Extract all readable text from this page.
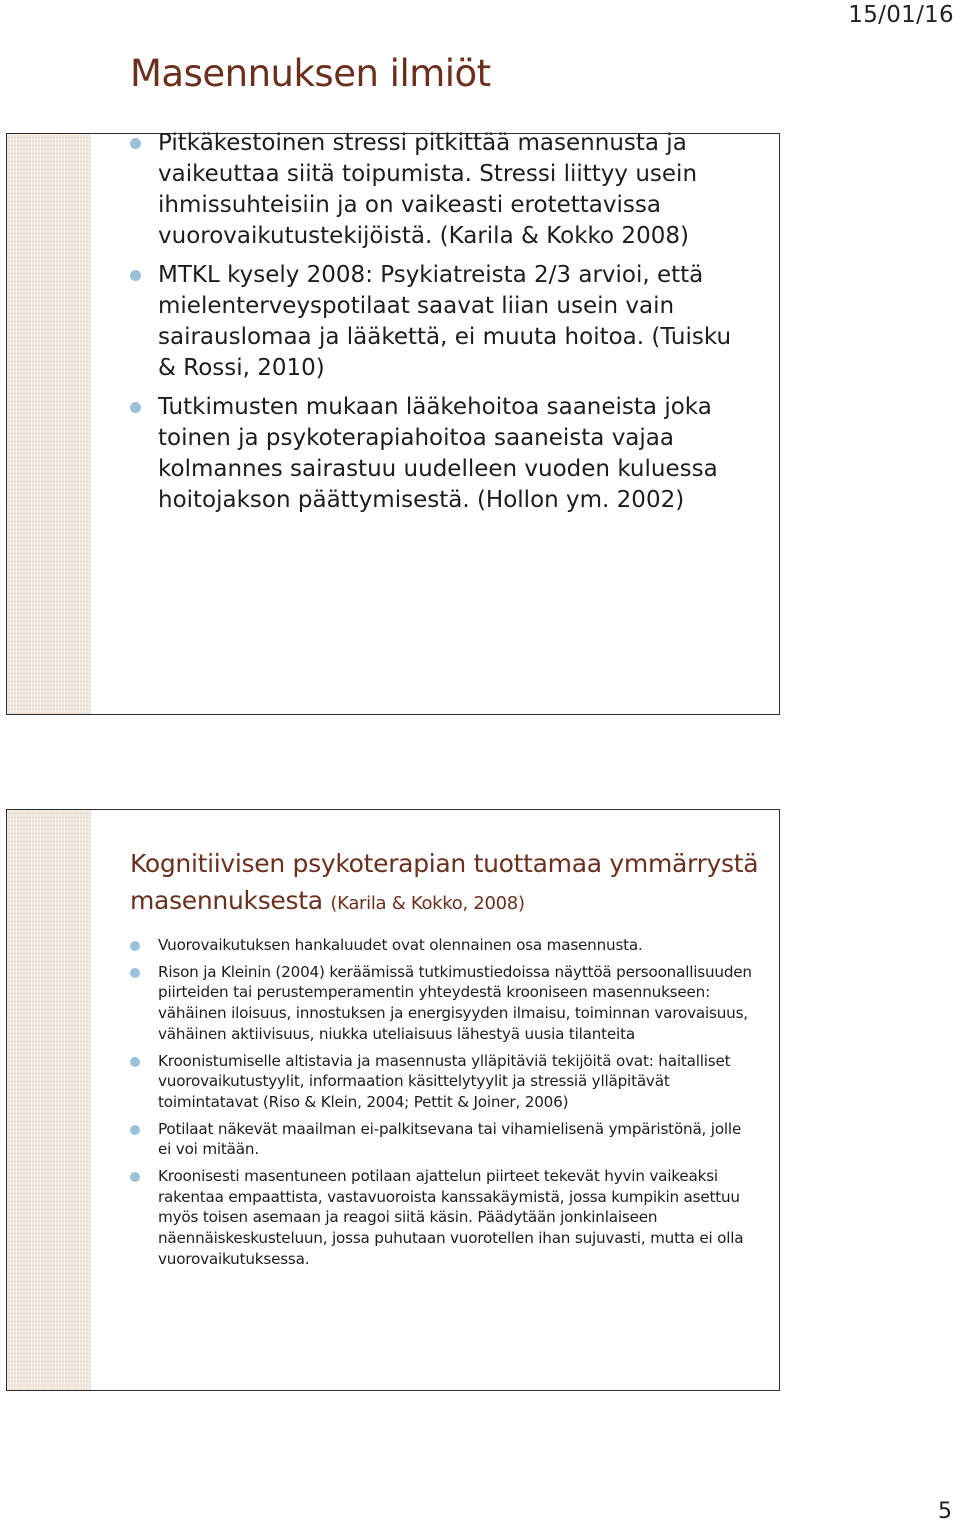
15/01/16
Masennuksen ilmiöt
Pitkäkestoinen stressi pitkittää masennusta ja vaikeuttaa siitä toipumista. Stressi liittyy usein ihmissuhteisiin ja on vaikeasti erotettavissa vuorovaikutustekijöistä. (Karila & Kokko 2008)
MTKL kysely 2008: Psykiatreista 2/3 arvioi, että mielenterveyspotilaat saavat liian usein vain sairauslomaa ja lääkettä, ei muuta hoitoa. (Tuisku & Rossi, 2010)
Tutkimusten mukaan lääkehoitoa saaneista joka toinen ja psykoterapiahoitoa saaneista vajaa kolmannes sairastuu uudelleen vuoden kuluessa hoitojakson päättymisestä. (Hollon ym. 2002)
Kognitiivisen psykoterapian tuottamaa ymmärrystä masennuksesta (Karila & Kokko, 2008)
Vuorovaikutuksen hankaluudet ovat olennainen osa masennusta.
Rison ja Kleinin (2004) keräämissä tutkimustiedoissa näyttöä persoonallisuuden piirteiden tai perustemperamentin yhteydestä krooniseen masennukseen: vähäinen iloisuus, innostuksen ja energisyyden ilmaisu, toiminnan varovaisuus, vähäinen aktiivisuus, niukka uteliaisuus lähestyä uusia tilanteita
Kroonistumiselle altistavia ja masennusta ylläpitäviä tekijöitä ovat: haitalliset vuorovaikutustyylit, informaation käsittelytyylit ja stressiä ylläpitävät toimintatavat (Riso & Klein, 2004; Pettit & Joiner, 2006)
Potilaat näkevät maailman ei-palkitsevana tai vihamielisenä ympäristönä, jolle ei voi mitään.
Kroonisesti masentuneen potilaan ajattelun piirteet tekevät hyvin vaikeaksi rakentaa empaattista, vastavuoroista kanssakäymistä, jossa kumpikin asettuu myös toisen asemaan ja reagoi siitä käsin. Päädytään jonkinlaiseen näennäiskeskusteluun, jossa puhutaan vuorotellen ihan sujuvasti, mutta ei olla vuorovaikutuksessa.
5
